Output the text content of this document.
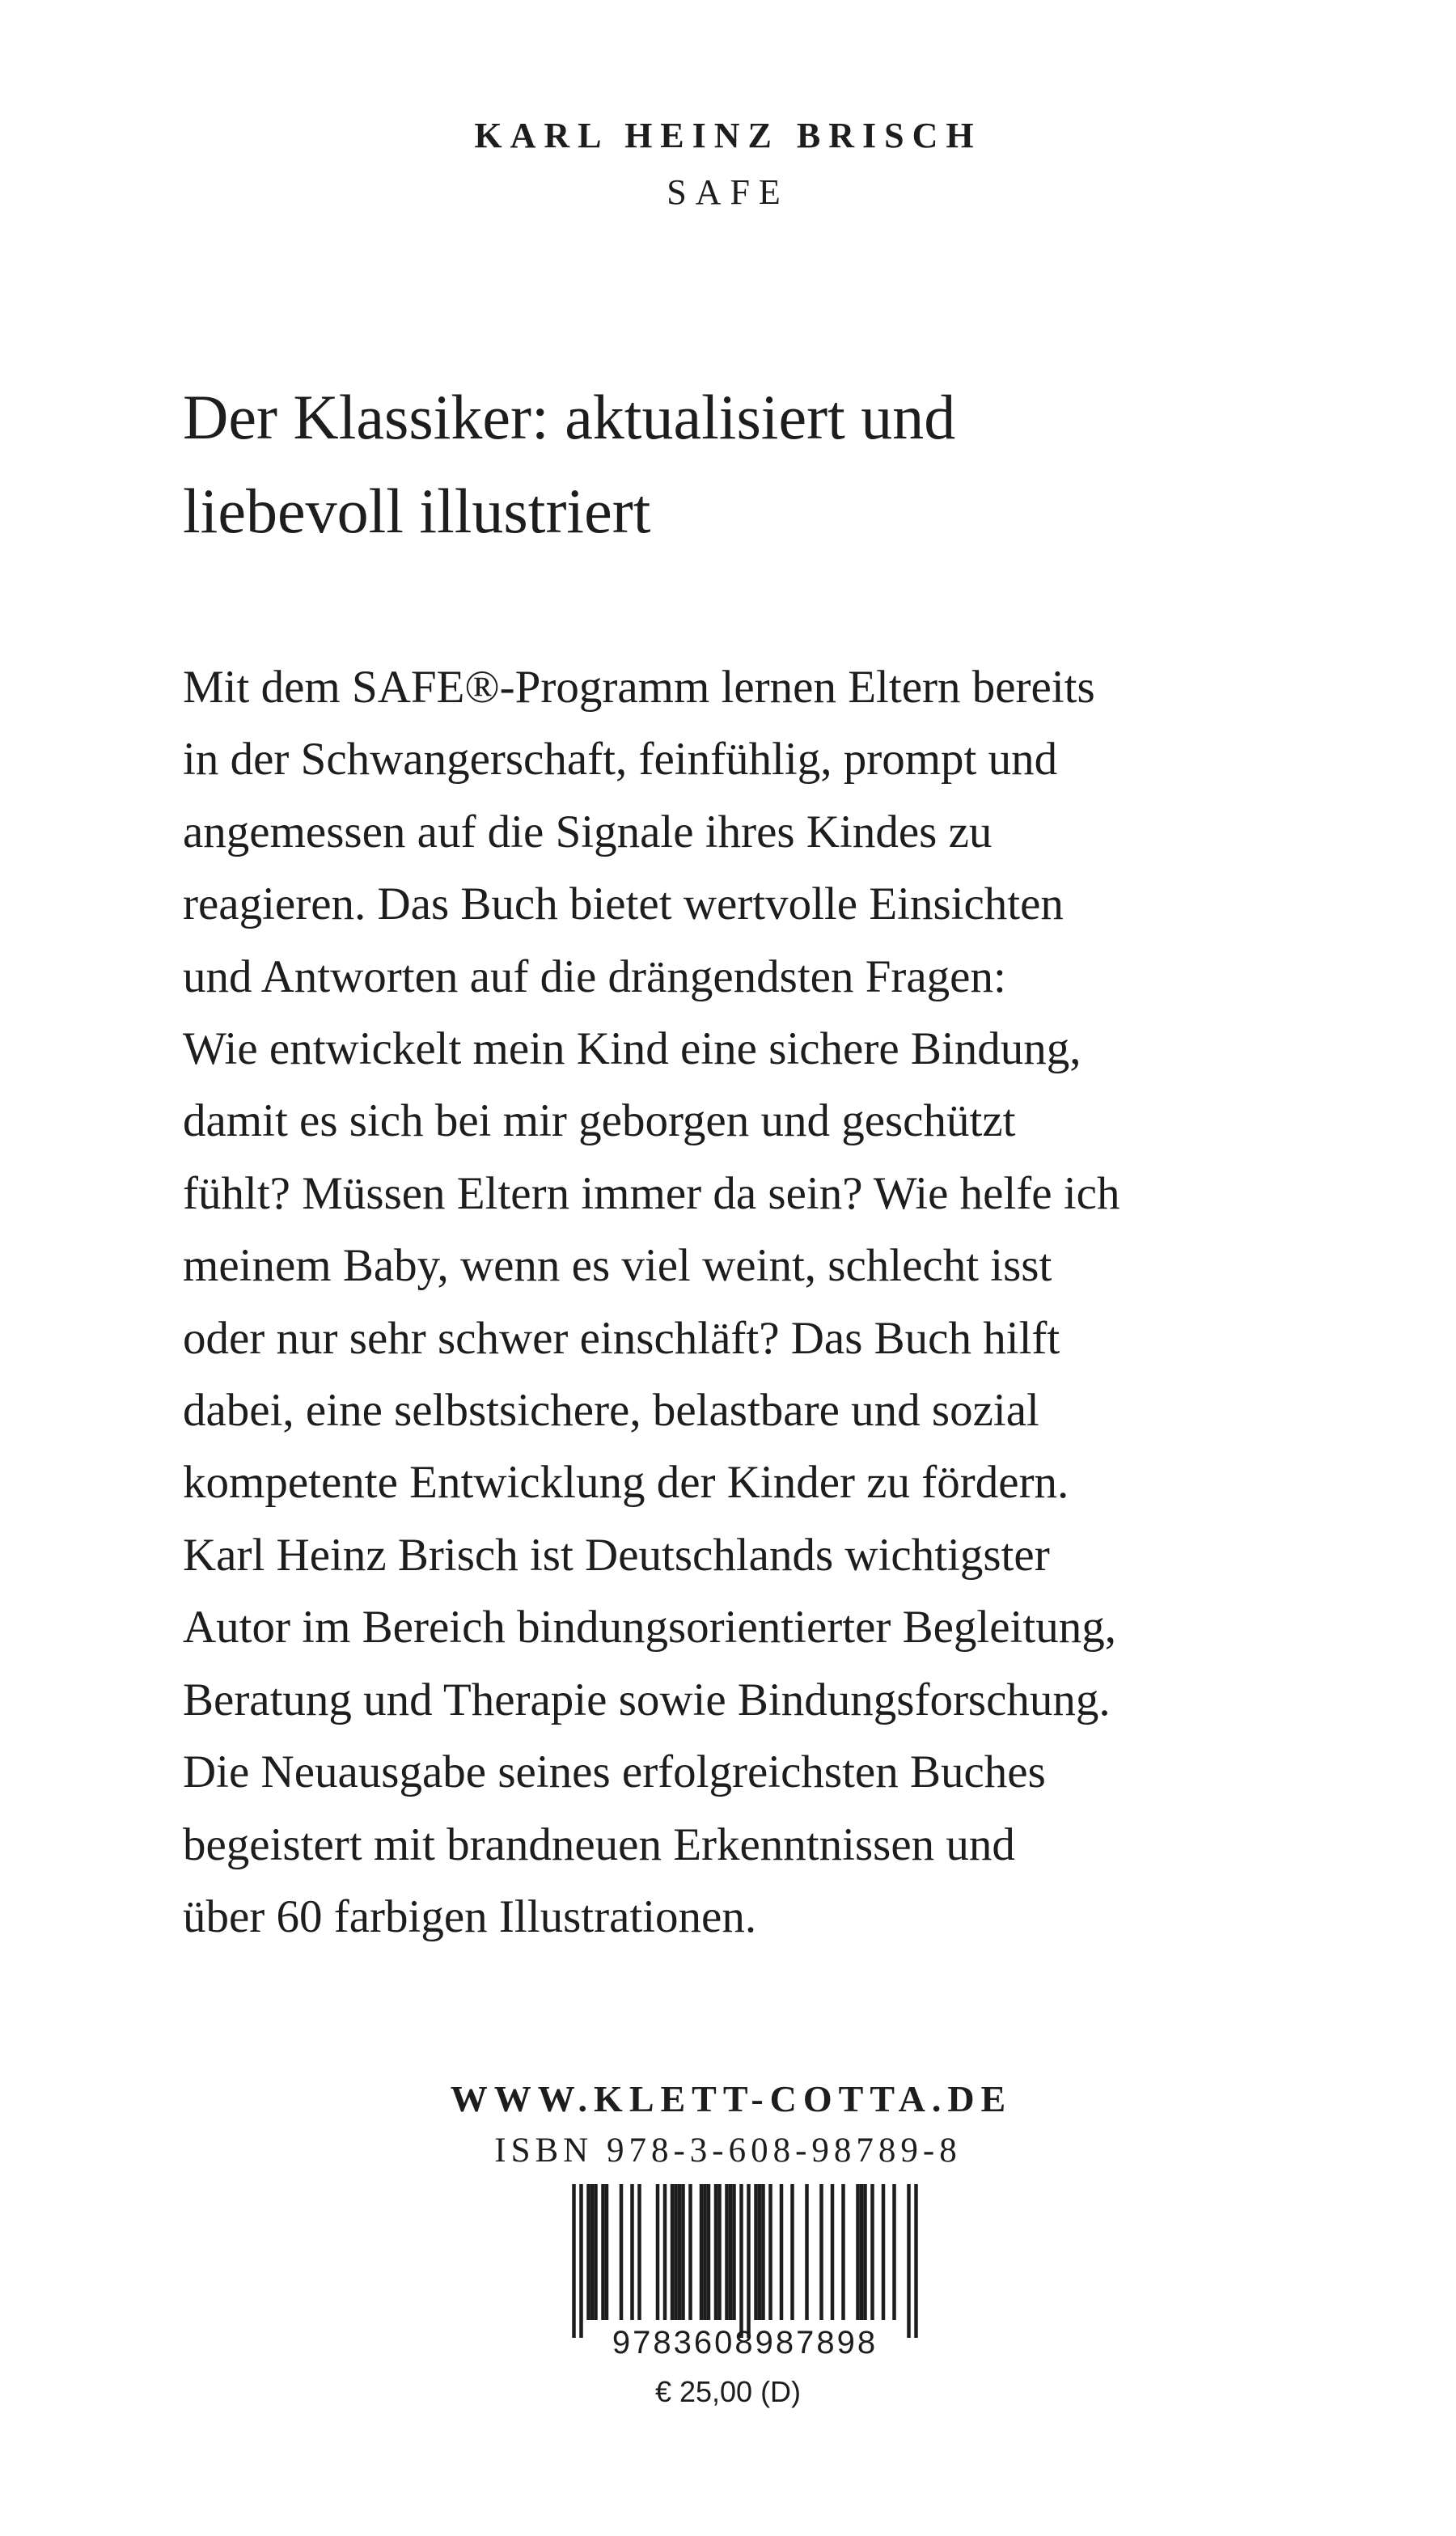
KARL HEINZ BRISCH
SAFE
Der Klassiker: aktualisiert und
liebevoll illustriert
Mit dem SAFE®-Programm lernen Eltern bereits
in der Schwangerschaft, feinfühlig, prompt und
angemessen auf die Signale ihres Kindes zu
reagieren. Das Buch bietet wertvolle Einsichten
und Antworten auf die drängendsten Fragen:
Wie entwickelt mein Kind eine sichere Bindung,
damit es sich bei mir geborgen und geschützt
fühlt? Müssen Eltern immer da sein? Wie helfe ich
meinem Baby, wenn es viel weint, schlecht isst
oder nur sehr schwer einschläft? Das Buch hilft
dabei, eine selbstsichere, belastbare und sozial
kompetente Entwicklung der Kinder zu fördern.
Karl Heinz Brisch ist Deutschlands wichtigster
Autor im Bereich bindungsorientierter Begleitung,
Beratung und Therapie sowie Bindungsforschung.
Die Neuausgabe seines erfolgreichsten Buches
begeistert mit brandneuen Erkenntnissen und
über 60 farbigen Illustrationen.
WWW.KLETT-COTTA.DE
ISBN 978-3-608-98789-8
9783608987898
€ 25,00 (D)
